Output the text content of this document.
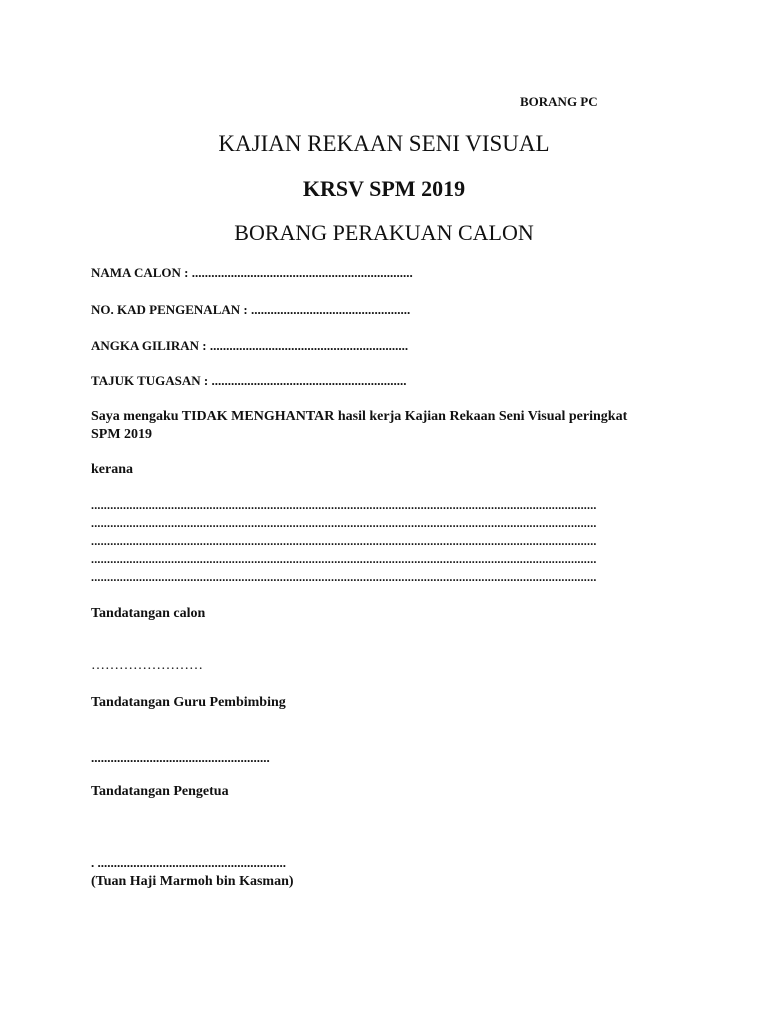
BORANG PC
KAJIAN REKAAN SENI VISUAL
KRSV SPM 2019
BORANG PERAKUAN CALON
NAMA CALON : ....................................................................
NO. KAD PENGENALAN : .................................................
ANGKA GILIRAN : .............................................................
TAJUK TUGASAN : ............................................................
Saya mengaku TIDAK MENGHANTAR hasil kerja Kajian Rekaan Seni Visual peringkat
SPM 2019
kerana
..............................................................................................................................................................
..............................................................................................................................................................
..............................................................................................................................................................
..............................................................................................................................................................
..............................................................................................................................................................
Tandatangan calon
……………………
Tandatangan Guru Pembimbing
.......................................................
Tandatangan Pengetua
. ..........................................................
(Tuan Haji Marmoh bin Kasman)
